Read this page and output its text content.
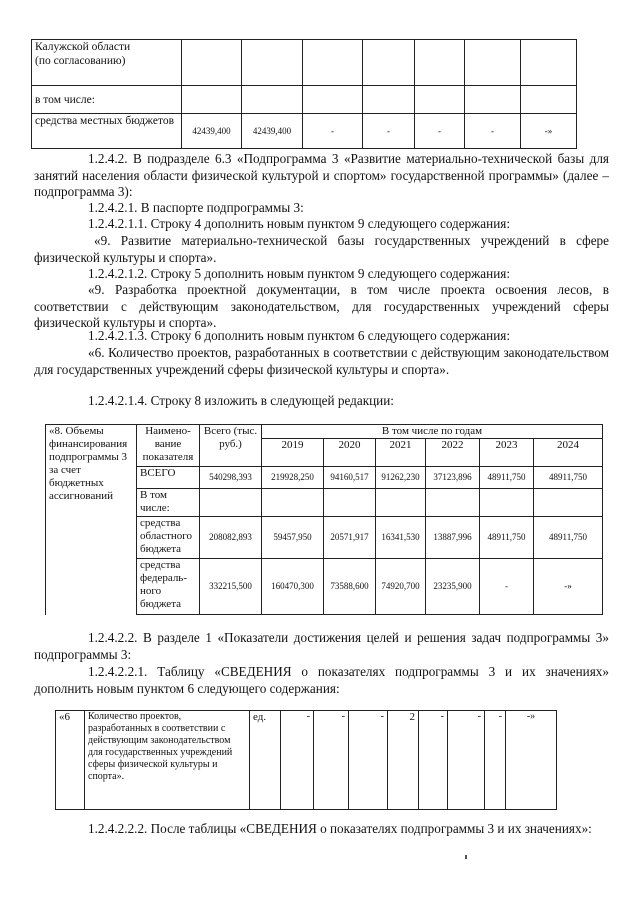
Калужской области
(по согласованию)							
в том числе:							
средства местных бюджетов	42439,400	42439,400	-	-	-	-	-»

1.2.4.2. В подразделе 6.3 «Подпрограмма 3 «Развитие материально-технической базы для занятий населения области физической культурой и спортом» государственной программы» (далее – подпрограмма 3):

1.2.4.2.1. В паспорте подпрограммы 3:

1.2.4.2.1.1. Строку 4 дополнить новым пунктом 9 следующего содержания:

«9. Развитие материально-технической базы государственных учреждений в сфере физической культуры и спорта».

1.2.4.2.1.2. Строку 5 дополнить новым пунктом 9 следующего содержания:

«9. Разработка проектной документации, в том числе проекта освоения лесов, в соответствии с действующим законодательством, для государственных учреждений сферы физической культуры и спорта».

1.2.4.2.1.3. Строку 6 дополнить новым пунктом 6 следующего содержания:

«6. Количество проектов, разработанных в соответствии с действующим законодательством для государственных учреждений сферы физической культуры и спорта».

1.2.4.2.1.4. Строку 8 изложить в следующей редакции:

«8. Объемы финансирования подпрограммы 3 за счет бюджетных ассигнований	Наимено-вание показателя	Всего (тыс. руб.)	В том числе по годам					
			2019	2020	2021	2022	2023	2024
	ВСЕГО	540298,393	219928,250	94160,517	91262,230	37123,896	48911,750	48911,750
	В том числе:							
	средства областного бюджета	208082,893	59457,950	20571,917	16341,530	13887,996	48911,750	48911,750
	средства федераль-ного бюджета	332215,500	160470,300	73588,600	74920,700	23235,900	-	-»

1.2.4.2.2. В разделе 1 «Показатели достижения целей и решения задач подпрограммы 3» подпрограммы 3:

1.2.4.2.2.1. Таблицу «СВЕДЕНИЯ о показателях подпрограммы 3 и их значениях» дополнить новым пунктом 6 следующего содержания:

«6	Количество проектов, разработанных в соответствии с действующим законодательством для государственных учреждений сферы физической культуры и спорта».	ед.	-	-	-	2	-	-	-	-»

1.2.4.2.2.2. После таблицы «СВЕДЕНИЯ о показателях подпрограммы 3 и их значениях»:
